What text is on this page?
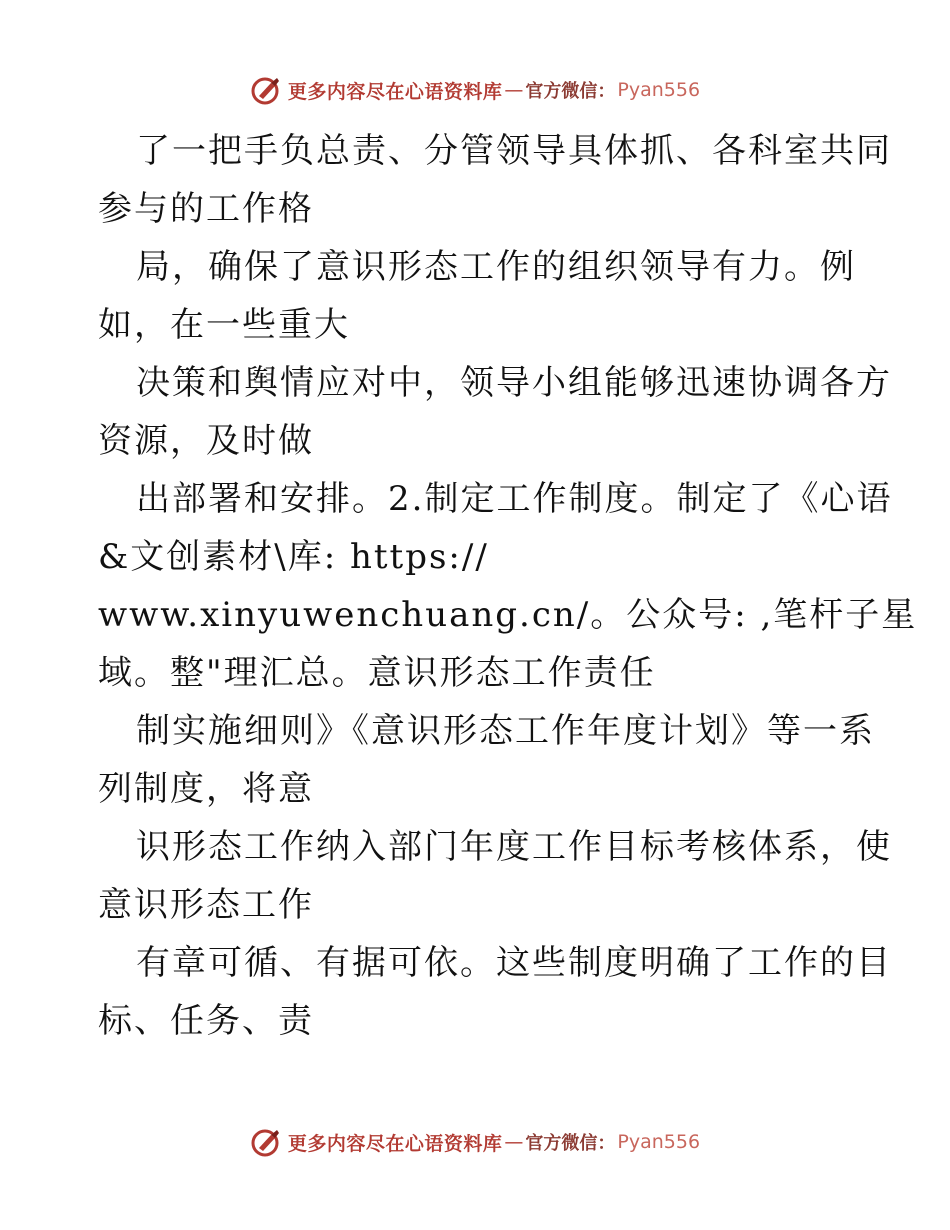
更多内容尽在心语资料库 — 官方微信： Pyan556

了一把手负总责、分管领导具体抓、各科室共同

参与的工作格

局，确保了意识形态工作的组织领导有力。例

如，在一些重大

决策和舆情应对中，领导小组能够迅速协调各方

资源，及时做

出部署和安排。2.制定工作制度。制定了《心语

&文创素材\库: https://

www.xinyuwenchuang.cn/。公众号: ,笔杆子星

域。整"理汇总。意识形态工作责任

制实施细则》《意识形态工作年度计划》等一系

列制度，将意

识形态工作纳入部门年度工作目标考核体系，使

意识形态工作

有章可循、有据可依。这些制度明确了工作的目

标、任务、责

更多内容尽在心语资料库 — 官方微信： Pyan556
